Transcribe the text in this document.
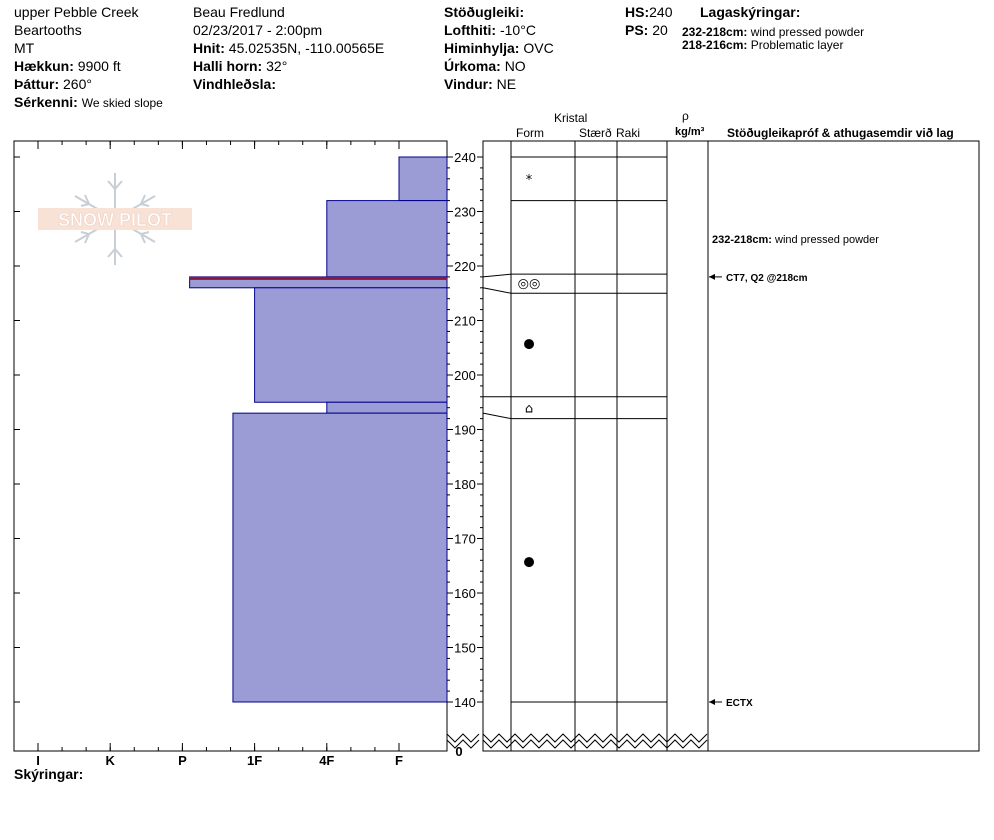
upper Pebble Creek
Beartooths
MT
Hækkun: 9900 ft
Þáttur: 260°
Sérkenni: We skied slope
Beau Fredlund
02/23/2017 - 2:00pm
Hnit: 45.02535N, -110.00565E
Halli horn: 32°
Vindhleðsla:
Stöðugleiki:
Lofthiti: -10°C
Himinhylja: OVC
Úrkoma: NO
Vindur: NE
HS:240
PS: 20
Lagaskýringar:
232-218cm: wind pressed powder
218-216cm: Problematic layer
Kristal
Form	Stærð Raki
ρ
kg/m³ Stöðugleikapróf & athugasemdir við lag
Skýringar:
SNOW PILOT
240
230
220
210
200
190
180
170
160
150
140
0
I	K	P	1F	4F	F
*
◎◎
●
⌂
●
232-218cm: wind pressed powder
CT7, Q2 @218cm
ECTX
